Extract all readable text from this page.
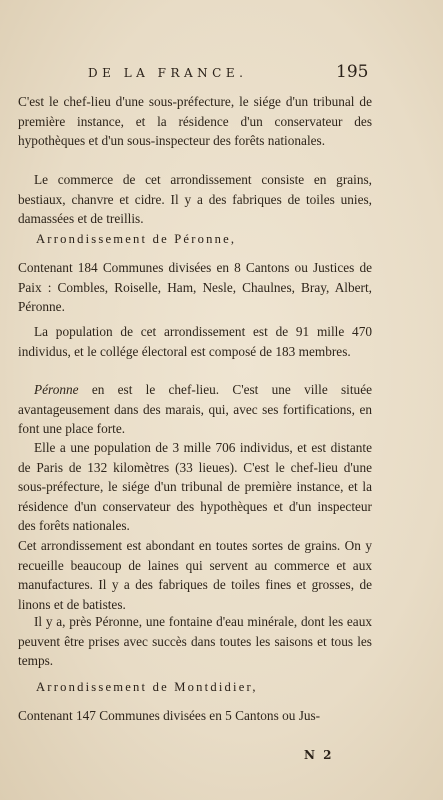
DE LA FRANCE.	195
C'est le chef-lieu d'une sous-préfecture, le siége d'un tribunal de première instance, et la résidence d'un conservateur des hypothèques et d'un sous-inspecteur des forêts nationales.
Le commerce de cet arrondissement consiste en grains, bestiaux, chanvre et cidre. Il y a des fabriques de toiles unies, damassées et de treillis.
Arrondissement de Péronne,
Contenant 184 Communes divisées en 8 Cantons ou Justices de Paix : Combles, Roiselle, Ham, Nesle, Chaulnes, Bray, Albert, Péronne.
La population de cet arrondissement est de 91 mille 470 individus, et le collége électoral est composé de 183 membres.
Péronne en est le chef-lieu. C'est une ville située avantageusement dans des marais, qui, avec ses fortifications, en font une place forte.
Elle a une population de 3 mille 706 individus, et est distante de Paris de 132 kilomètres (33 lieues). C'est le chef-lieu d'une sous-préfecture, le siége d'un tribunal de première instance, et la résidence d'un conservateur des hypothèques et d'un inspecteur des forêts nationales.
Cet arrondissement est abondant en toutes sortes de grains. On y recueille beaucoup de laines qui servent au commerce et aux manufactures. Il y a des fabriques de toiles fines et grosses, de linons et de batistes.
Il y a, près Péronne, une fontaine d'eau minérale, dont les eaux peuvent être prises avec succès dans toutes les saisons et tous les temps.
Arrondissement de Montdidier,
Contenant 147 Communes divisées en 5 Cantons ou Jus-
N 2
